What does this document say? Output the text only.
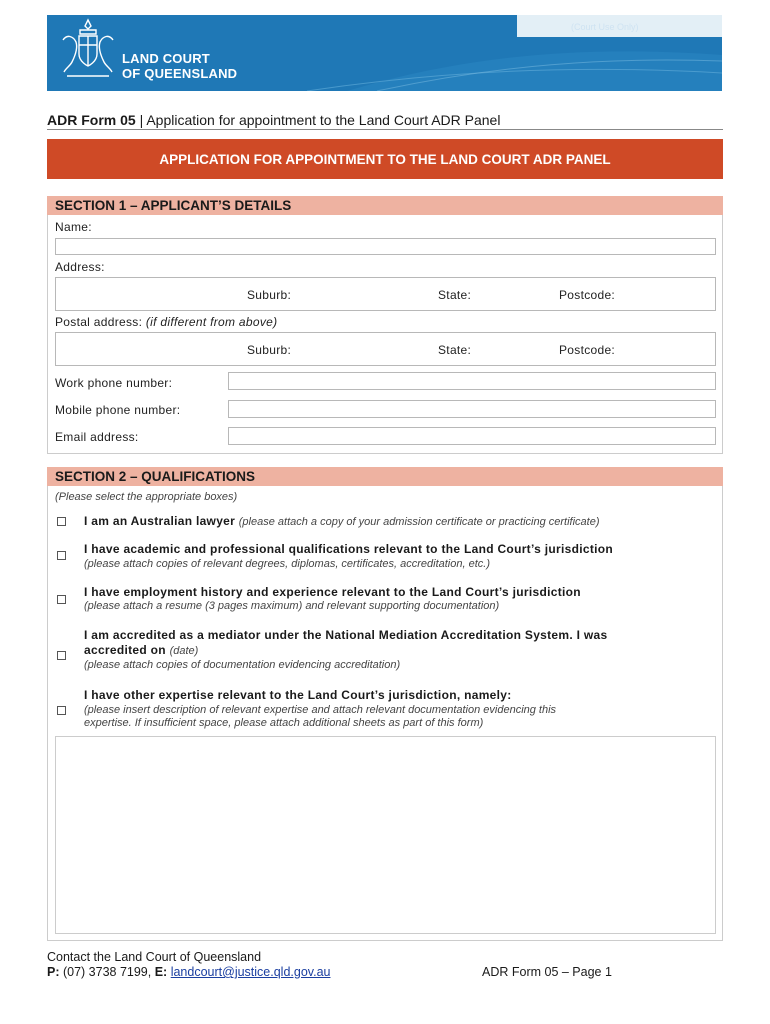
(Court Use Only)
LAND COURT
OF QUEENSLAND
ADR Form 05 | Application for appointment to the Land Court ADR Panel
APPLICATION FOR APPOINTMENT TO THE LAND COURT ADR PANEL
SECTION 1 – APPLICANT’S DETAILS
Name:
Address:
Suburb:	State:	Postcode:
Postal address: (if different from above)
Suburb:	State:	Postcode:
Work phone number:
Mobile phone number:
Email address:
SECTION 2 – QUALIFICATIONS
(Please select the appropriate boxes)
I am an Australian lawyer (please attach a copy of your admission certificate or practicing certificate)
I have academic and professional qualifications relevant to the Land Court’s jurisdiction
(please attach copies of relevant degrees, diplomas, certificates, accreditation, etc.)
I have employment history and experience relevant to the Land Court’s jurisdiction
(please attach a resume (3 pages maximum) and relevant supporting documentation)
I am accredited as a mediator under the National Mediation Accreditation System. I was
accredited on (date)
(please attach copies of documentation evidencing accreditation)
I have other expertise relevant to the Land Court’s jurisdiction, namely:
(please insert description of relevant expertise and attach relevant documentation evidencing this
expertise. If insufficient space, please attach additional sheets as part of this form)
Contact the Land Court of Queensland
P: (07) 3738 7199, E: landcourt@justice.qld.gov.au	ADR Form 05 – Page 1
